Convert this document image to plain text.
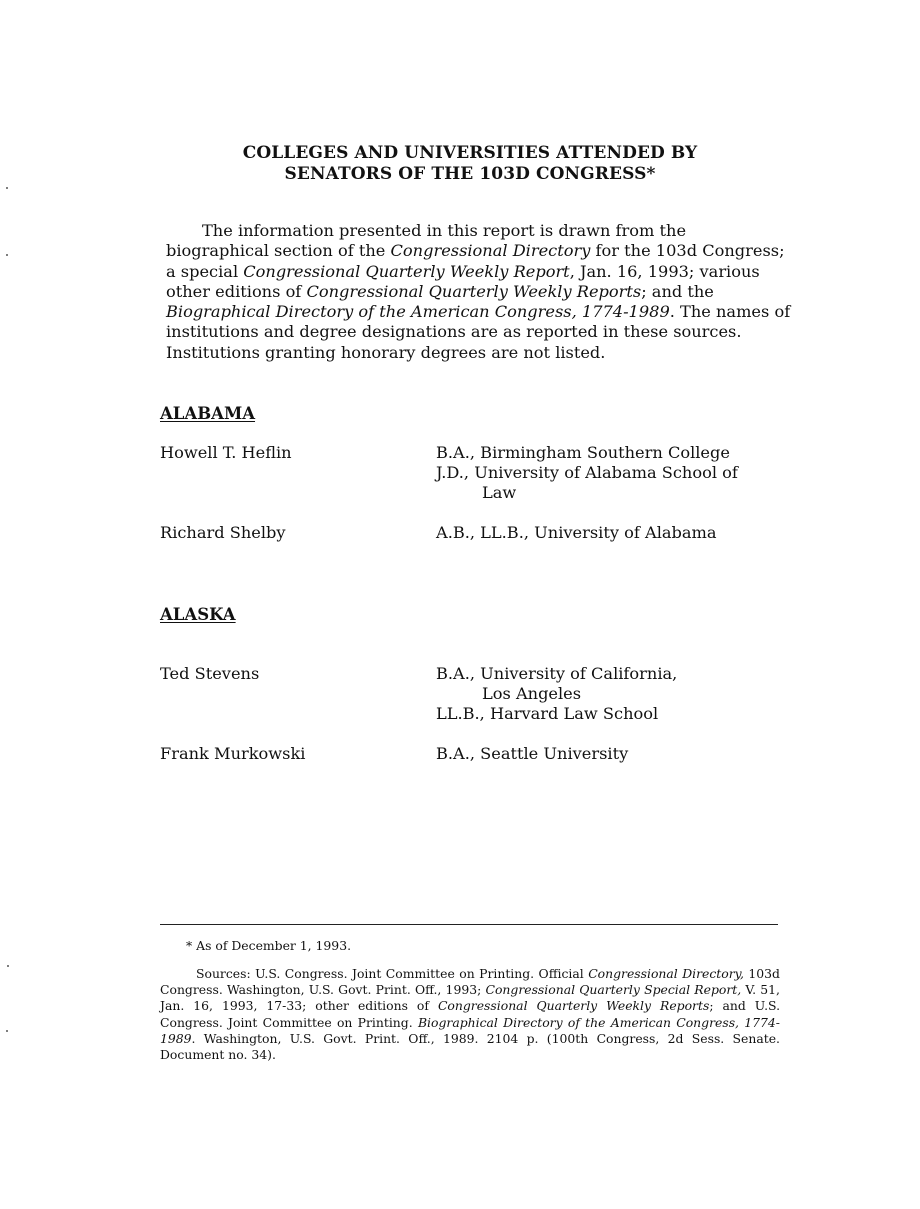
COLLEGES AND UNIVERSITIES ATTENDED BY
SENATORS OF THE 103D CONGRESS*

The information presented in this report is drawn from the biographical section of the Congressional Directory for the 103d Congress; a special Congressional Quarterly Weekly Report, Jan. 16, 1993; various other editions of Congressional Quarterly Weekly Reports; and the Biographical Directory of the American Congress, 1774-1989. The names of institutions and degree designations are as reported in these sources. Institutions granting honorary degrees are not listed.

ALABAMA
Howell T. Heflin	B.A., Birmingham Southern College
J.D., University of Alabama School of
Law
Richard Shelby	A.B., LL.B., University of Alabama
ALASKA
Ted Stevens	B.A., University of California,
Los Angeles
LL.B., Harvard Law School
Frank Murkowski	B.A., Seattle University
* As of December 1, 1993.

Sources: U.S. Congress. Joint Committee on Printing. Official Congressional Directory, 103d Congress. Washington, U.S. Govt. Print. Off., 1993; Congressional Quarterly Special Report, V. 51, Jan. 16, 1993, 17-33; other editions of Congressional Quarterly Weekly Reports; and U.S. Congress. Joint Committee on Printing. Biographical Directory of the American Congress, 1774-1989. Washington, U.S. Govt. Print. Off., 1989. 2104 p. (100th Congress, 2d Sess. Senate. Document no. 34).
